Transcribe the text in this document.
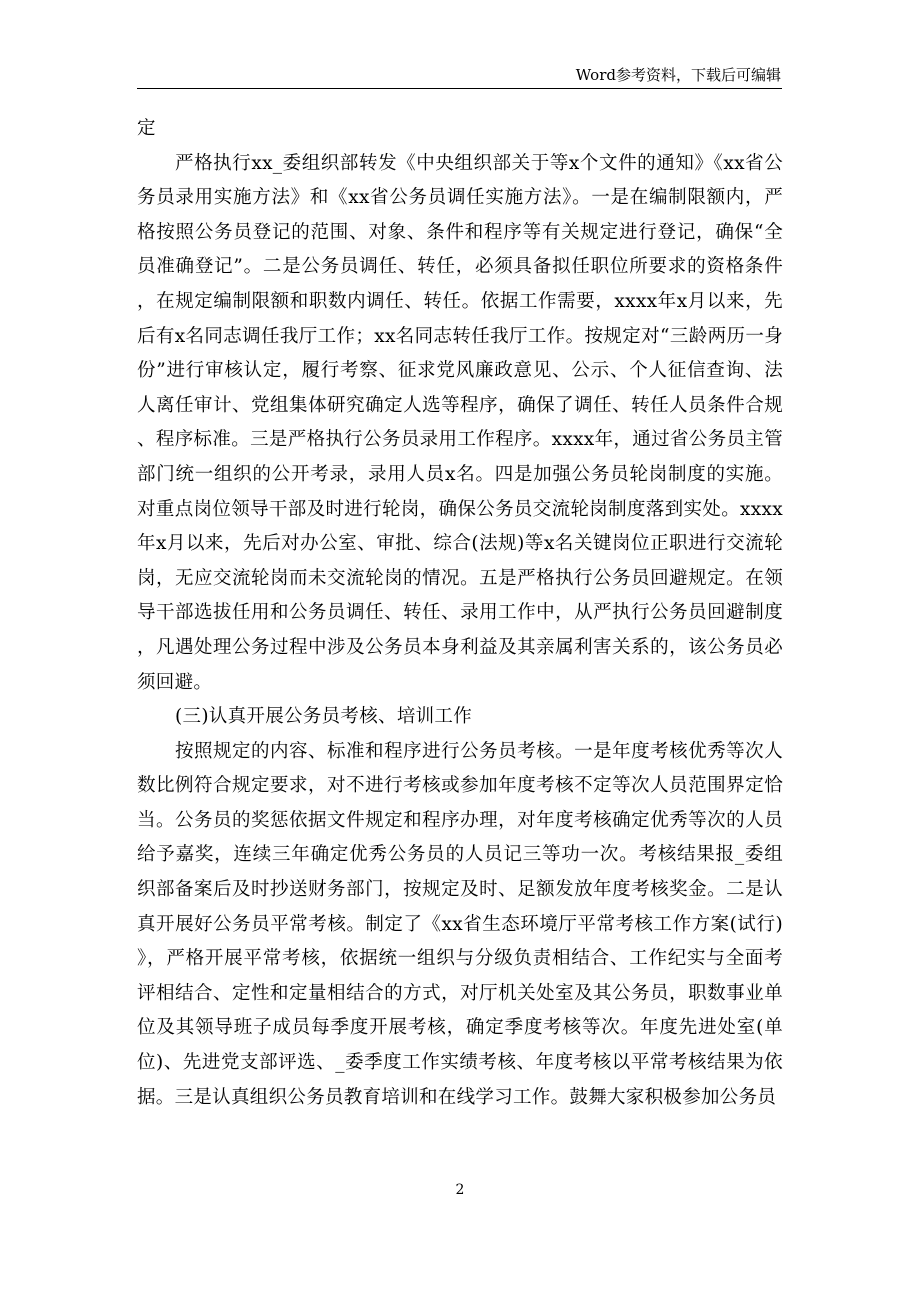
Word参考资料，下载后可编辑

定

严格执行xx_委组织部转发《中央组织部关于等x个文件的通知》《xx省公务员录用实施方法》和《xx省公务员调任实施方法》。一是在编制限额内，严格按照公务员登记的范围、对象、条件和程序等有关规定进行登记，确保“全员准确登记”。二是公务员调任、转任，必须具备拟任职位所要求的资格条件，在规定编制限额和职数内调任、转任。依据工作需要，xxxx年x月以来，先后有x名同志调任我厅工作；xx名同志转任我厅工作。按规定对“三龄两历一身份”进行审核认定，履行考察、征求党风廉政意见、公示、个人征信查询、法人离任审计、党组集体研究确定人选等程序，确保了调任、转任人员条件合规、程序标准。三是严格执行公务员录用工作程序。xxxx年，通过省公务员主管部门统一组织的公开考录，录用人员x名。四是加强公务员轮岗制度的实施。对重点岗位领导干部及时进行轮岗，确保公务员交流轮岗制度落到实处。xxxx年x月以来，先后对办公室、审批、综合(法规)等x名关键岗位正职进行交流轮岗，无应交流轮岗而未交流轮岗的情况。五是严格执行公务员回避规定。在领导干部选拔任用和公务员调任、转任、录用工作中，从严执行公务员回避制度，凡遇处理公务过程中涉及公务员本身利益及其亲属利害关系的，该公务员必须回避。

(三)认真开展公务员考核、培训工作

按照规定的内容、标准和程序进行公务员考核。一是年度考核优秀等次人数比例符合规定要求，对不进行考核或参加年度考核不定等次人员范围界定恰当。公务员的奖惩依据文件规定和程序办理，对年度考核确定优秀等次的人员给予嘉奖，连续三年确定优秀公务员的人员记三等功一次。考核结果报_委组织部备案后及时抄送财务部门，按规定及时、足额发放年度考核奖金。二是认真开展好公务员平常考核。制定了《xx省生态环境厅平常考核工作方案(试行)》，严格开展平常考核，依据统一组织与分级负责相结合、工作纪实与全面考评相结合、定性和定量相结合的方式，对厅机关处室及其公务员，职数事业单位及其领导班子成员每季度开展考核，确定季度考核等次。年度先进处室(单位)、先进党支部评选、_委季度工作实绩考核、年度考核以平常考核结果为依据。三是认真组织公务员教育培训和在线学习工作。鼓舞大家积极参加公务员

2
